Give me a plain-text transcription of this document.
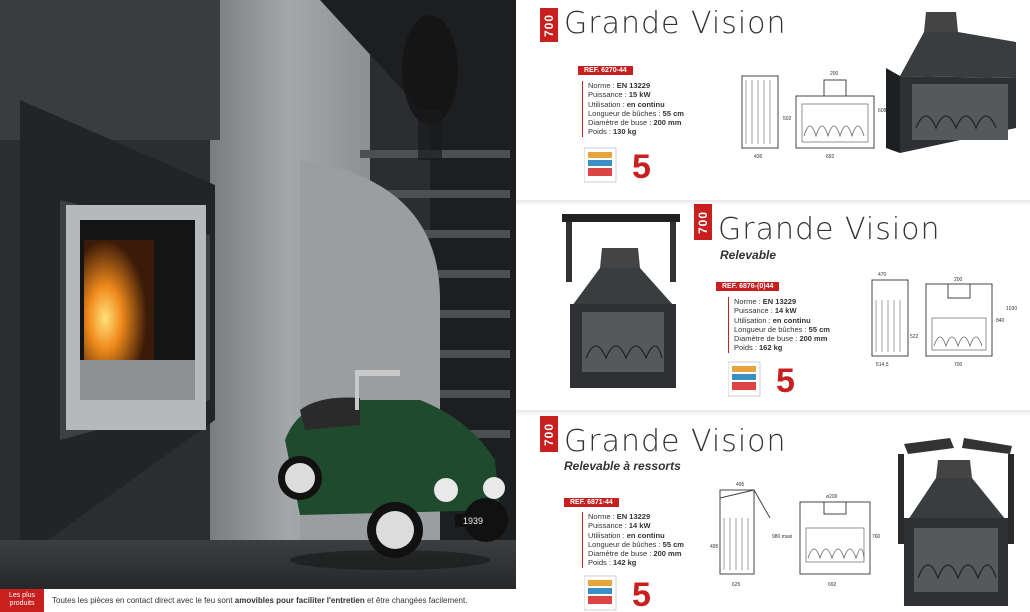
1939
Les plus produits	Toutes les pièces en contact direct avec le feu sont amovibles pour faciliter l'entretien et être changées facilement.
700 Grande Vision
REF. 6270-44
Norme : EN 13229
Puissance : 15 kW
Utilisation : en continu
Longueur de bûches : 55 cm
Diamètre de buse : 200 mm
Poids : 130 kg
5	436
200
692
502
608
700 Grande Vision
Relevable
REF. 6876-(0)44
Norme : EN 13229
Puissance : 14 kW
Utilisation : en continu
Longueur de bûches : 55 cm
Diamètre de buse : 200 mm
Poids : 162 kg
5
470
514,5
200
700
522
840
1030
700 Grande Vision
Relevable à ressorts
REF. 6871-44
Norme : EN 13229
Puissance : 14 kW
Utilisation : en continu
Longueur de bûches : 55 cm
Diamètre de buse : 200 mm
Poids : 142 kg
5
495
495
625
ø200
980 maxi	760
692
